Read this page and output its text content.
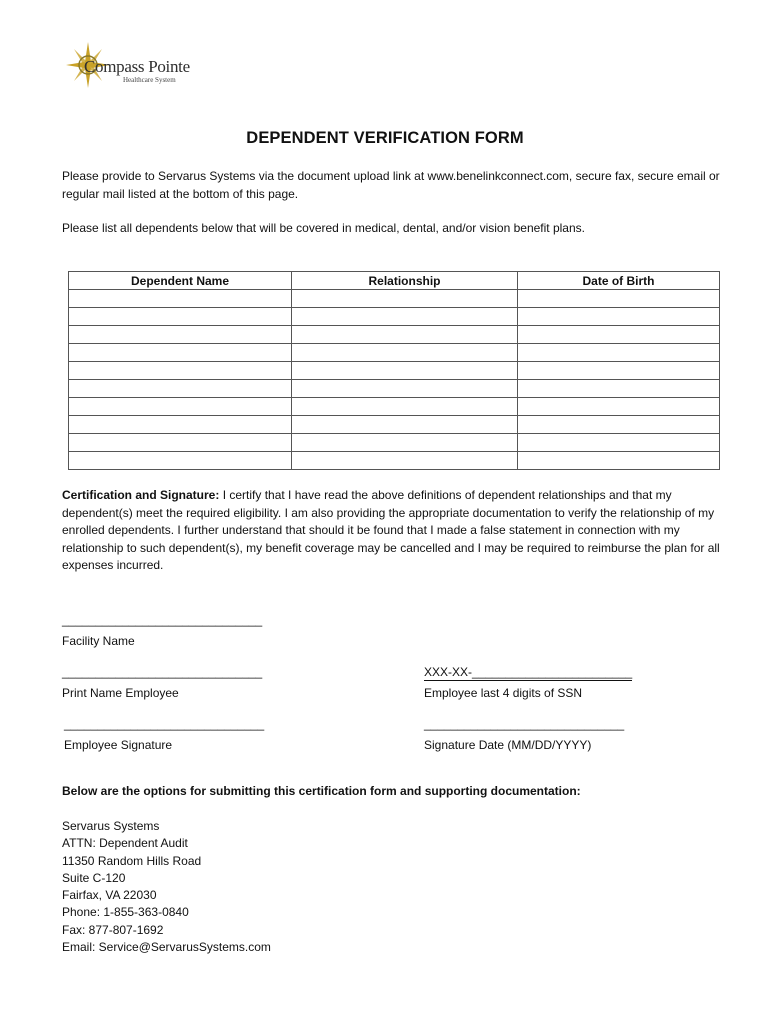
Compass Pointe
Healthcare System
DEPENDENT VERIFICATION FORM

Please provide to Servarus Systems via the document upload link at www.benelinkconnect.com, secure fax, secure email or regular mail listed at the bottom of this page.

Please list all dependents below that will be covered in medical, dental, and/or vision benefit plans.

Dependent Name	Relationship	Date of Birth

Certification and Signature: I certify that I have read the above definitions of dependent relationships and that my dependent(s) meet the required eligibility. I am also providing the appropriate documentation to verify the relationship of my enrolled dependents. I further understand that should it be found that I made a false statement in connection with my relationship to such dependent(s), my benefit coverage may be cancelled and I may be required to reimburse the plan for all expenses incurred.

______________________________
Facility Name
______________________________
Print Name Employee
XXX-XX-________________________
Employee last 4 digits of SSN
______________________________
Employee Signature
______________________________
Signature Date (MM/DD/YYYY)
Below are the options for submitting this certification form and supporting documentation:
Servarus Systems
ATTN: Dependent Audit
11350 Random Hills Road
Suite C-120
Fairfax, VA 22030
Phone: 1-855-363-0840
Fax: 877-807-1692
Email: Service@ServarusSystems.com
